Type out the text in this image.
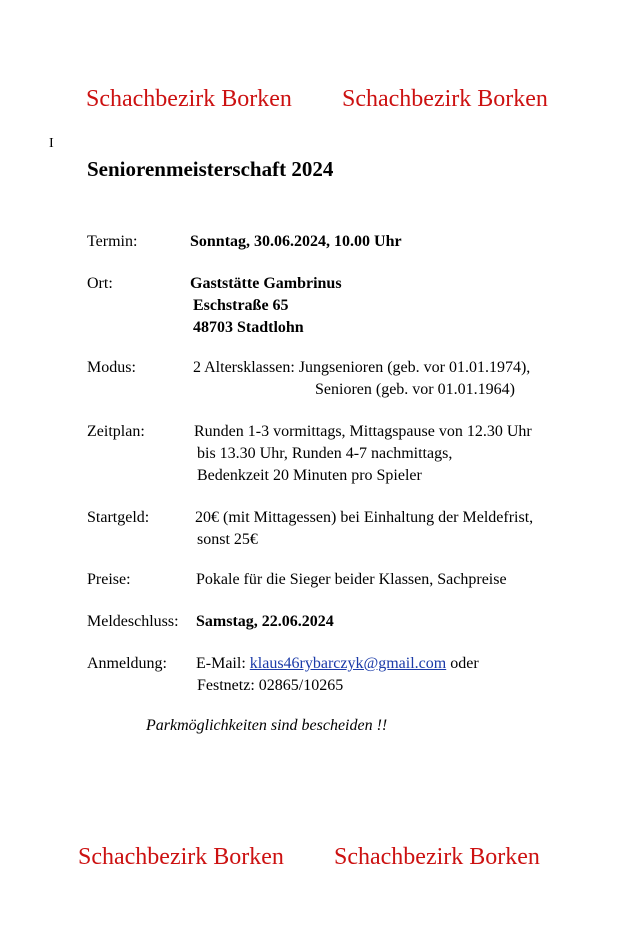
Schachbezirk Borken Schachbezirk Borken
I
Seniorenmeisterschaft 2024
Termin:	Sonntag, 30.06.2024, 10.00 Uhr
Ort:	Gaststätte Gambrinus
Eschstraße 65
48703 Stadtlohn
Modus:	2 Altersklassen: Jungsenioren (geb. vor 01.01.1974),
Senioren (geb. vor 01.01.1964)
Zeitplan:	Runden 1-3 vormittags, Mittagspause von 12.30 Uhr
bis 13.30 Uhr, Runden 4-7 nachmittags,
Bedenkzeit 20 Minuten pro Spieler
Startgeld:	20€ (mit Mittagessen) bei Einhaltung der Meldefrist,
sonst 25€
Preise:	Pokale für die Sieger beider Klassen, Sachpreise
Meldeschluss: Samstag, 22.06.2024
Anmeldung: E-Mail: klaus46rybarczyk@gmail.com oder
Festnetz: 02865/10265
Parkmöglichkeiten sind bescheiden !!
Schachbezirk Borken Schachbezirk Borken
